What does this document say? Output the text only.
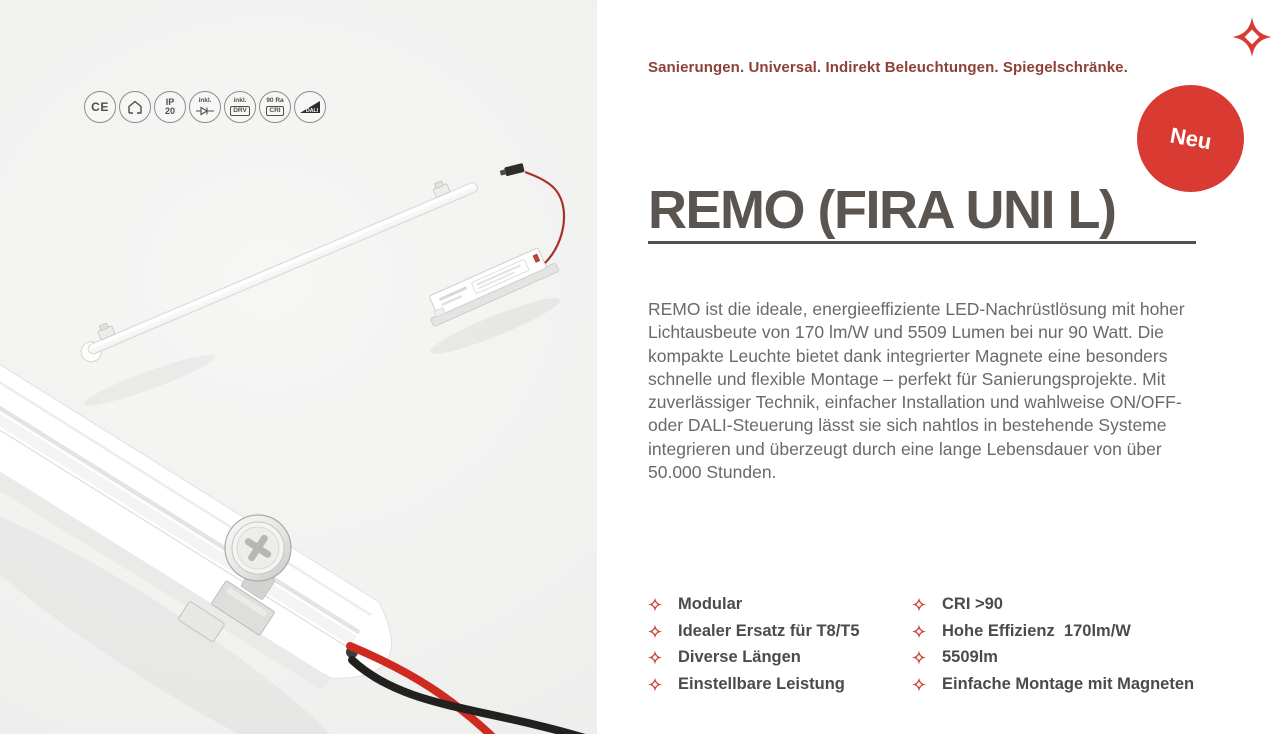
CE	IP
20
inkl.	inkl.
DRV
90 Ra
CRI	DALI
Sanierungen. Universal. Indirekt Beleuchtungen. Spiegelschränke.
Neu
REMO (FIRA UNI L)

REMO ist die ideale, energieeffiziente LED-Nachrüstlösung mit hoher Lichtausbeute von 170 lm/W und 5509 Lumen bei nur 90 Watt. Die kompakte Leuchte bietet dank integrierter Magnete eine besonders schnelle und flexible Montage – perfekt für Sanierungsprojekte. Mit zuverlässiger Technik, einfacher Installation und wahlweise ON/OFF- oder DALI-Steuerung lässt sie sich nahtlos in bestehende Systeme integrieren und überzeugt durch eine lange Lebensdauer von über 50.000 Stunden.

Modular
Idealer Ersatz für T8/T5
Diverse Längen
Einstellbare Leistung
CRI >90
Hohe Effizienz  170lm/W
5509lm
Einfache Montage mit Magneten
